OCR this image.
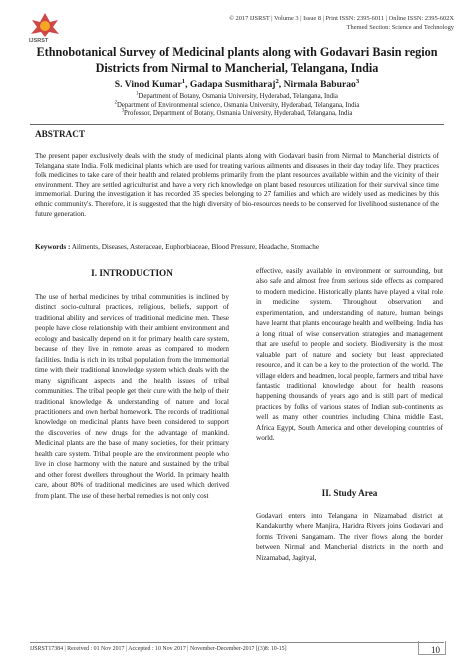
IJSRST
© 2017 IJSRST | Volume 3 | Issue 8 | Print ISSN: 2395-6011 | Online ISSN: 2395-602X
Themed Section: Science and Technology
Ethnobotanical Survey of Medicinal plants along with Godavari Basin region
Districts from Nirmal to Mancherial, Telangana, India
S. Vinod Kumar$^1$, Gadapa Susmitharaj$^2$, Nirmala Baburao$^3$
$^1$Department of Botany, Osmania University, Hyderabad, Telangana, India
$^2$Department of Environmental science, Osmania University, Hyderabad, Telangana, India
$^3$Professor, Department of Botany, Osmania University, Hyderabad, Telangana, India
ABSTRACT
The present paper exclusively deals with the study of medicinal plants along with Godavari basin from Nirmal to Mancherial districts of Telangana state India. Folk medicinal plants which are used for treating various ailments and diseases in their day today life. They practices folk medicines to take care of their health and related problems primarily from the plant resources available within and the vicinity of their environment. They are settled agriculturist and have a very rich knowledge on plant based resources utilization for their survival since time immemorial. During the investigation it has recorded 35 species belonging to 27 families and which are widely used as medicines by this ethnic community's. Therefore, it is suggested that the high diversity of bio-resources needs to be conserved for livelihood sustenance of the future generation.
Keywords : Ailments, Diseases, Asteraceae, Euphorbiaceae, Blood Pressure, Headache, Stomache
I. INTRODUCTION
The use of herbal medicines by tribal communities is inclined by distinct socio-cultural practices, religious, beliefs, support of traditional ability and services of traditional medicine men. These people have close relationship with their ambient environment and ecology and basically depend on it for primary health care system, because of they live in remote areas as compared to modern facilities. India is rich in its tribal population from the immemorial time with their traditional knowledge system which deals with the many significant aspects and the health issues of tribal communities. The tribal people get their cure with the help of their traditional knowledge & understanding of nature and local practitioners and own herbal homework. The records of traditional knowledge on medicinal plants have been considered to support the discoveries of new drugs for the advantage of mankind. Medicinal plants are the base of many societies, for their primary health care system. Tribal people are the environment people who live in close harmony with the nature and sustained by the tribal and other forest dwellers throughout the World. In primary health care, about 80% of traditional medicines are used which derived from plant. The use of these herbal remedies is not only cost
effective, easily available in environment or surrounding, but also safe and almost free from serious side effects as compared to modern medicine. Historically plants have played a vital role in medicine system. Throughout observation and experimentation, and understanding of nature, human beings have learnt that plants encourage health and wellbeing. India has a long ritual of wise conservation strategies and management that are useful to people and society. Biodiversity is the most valuable part of nature and society but least appreciated resource, and it can be a key to the protection of the world. The village elders and headmen, local people, farmers and tribal have fantastic traditional knowledge about for health reasons happening thousands of years ago and is still part of medical practices by folks of various states of Indian sub-continents as well as many other countries including China middle East, Africa Egypt, South America and other developing countries of world.
II. Study Area
Godavari enters into Telangana in Nizamabad district at Kandakurthy where Manjira, Haridra Rivers joins Godavari and forms Triveni Sangamam. The river flows along the border between Nirmal and Mancherial districts in the north and Nizamabad, Jagityal,
IJSRST17384 | Received : 01 Nov 2017 | Accepted : 10 Nov 2017 | November-December-2017 [(3)8: 10-15]	10
